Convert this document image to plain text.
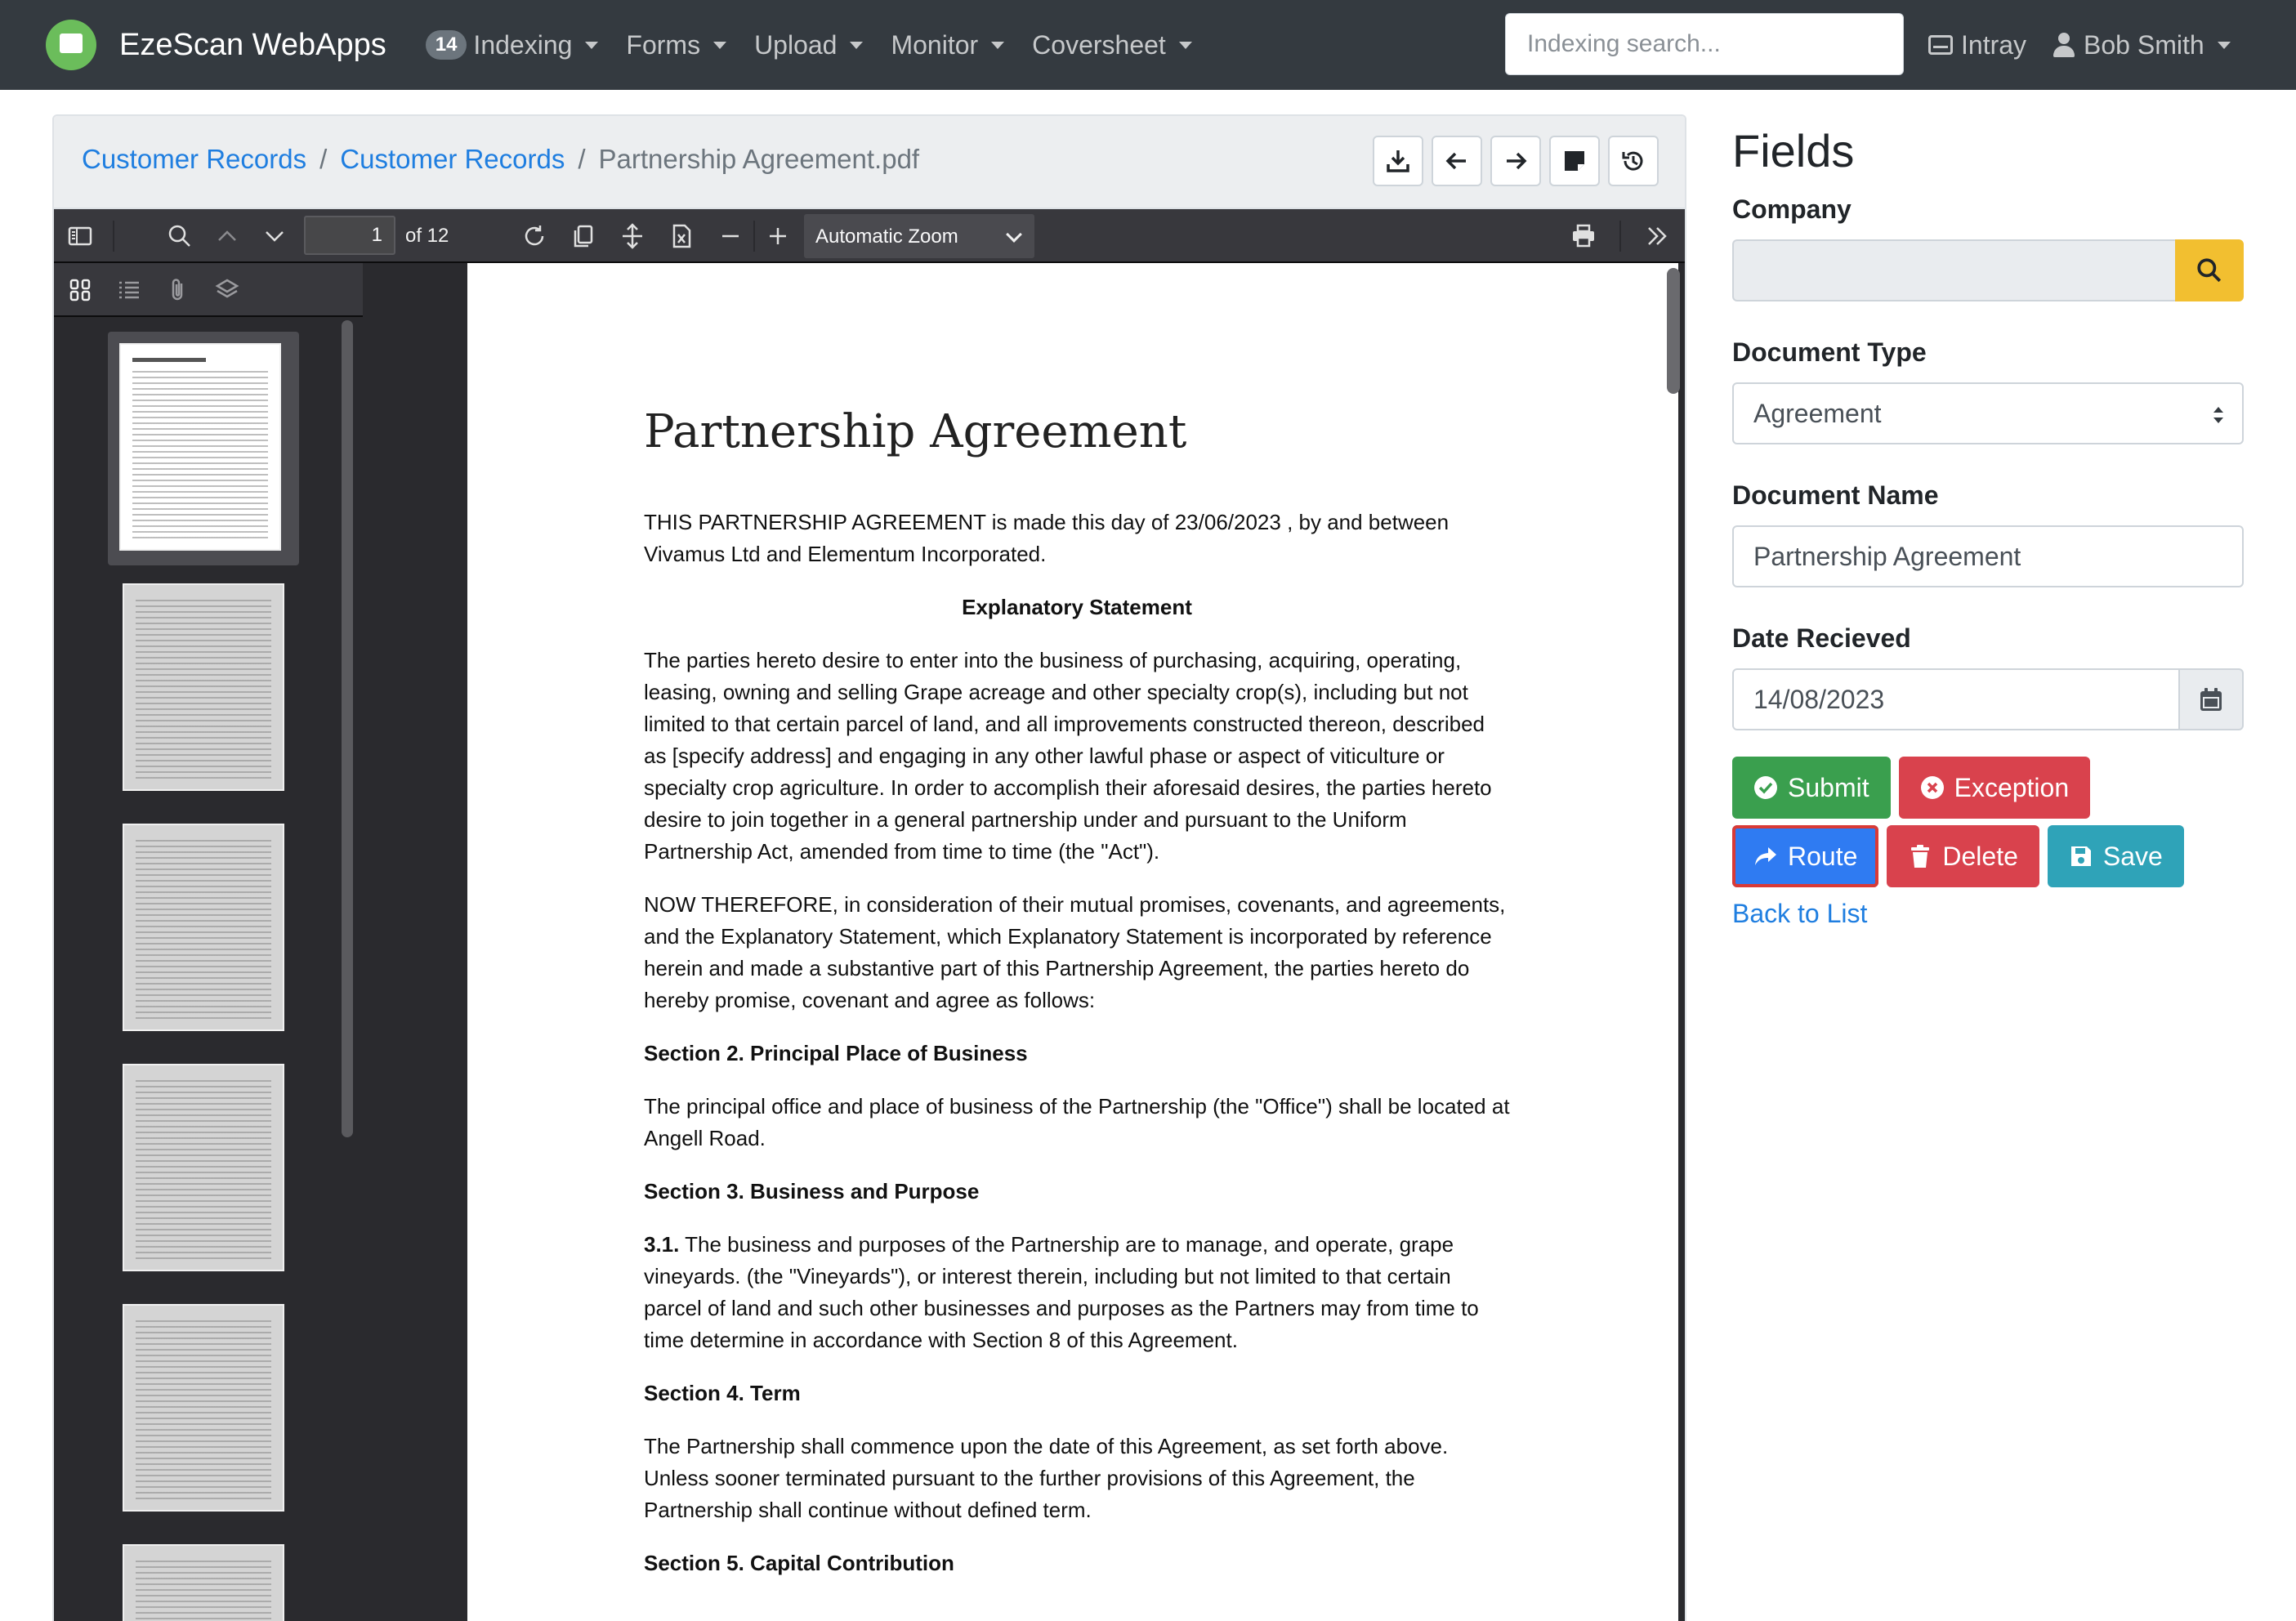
EzeScan WebApps	14 Indexing Forms Upload Monitor Coversheet
Indexing search...	Intray Bob Smith
Customer Records / Customer Records / Partnership Agreement.pdf
1
of 12	Automatic Zoom
Partnership Agreement

THIS PARTNERSHIP AGREEMENT is made this day of 23/06/2023 , by and between Vivamus Ltd and Elementum Incorporated.

Explanatory Statement

The parties hereto desire to enter into the business of purchasing, acquiring, operating, leasing, owning and selling Grape acreage and other specialty crop(s), including but not limited to that certain parcel of land, and all improvements constructed thereon, described as [specify address] and engaging in any other lawful phase or aspect of viticulture or specialty crop agriculture. In order to accomplish their aforesaid desires, the parties hereto desire to join together in a general partnership under and pursuant to the Uniform Partnership Act, amended from time to time (the "Act").

NOW THEREFORE, in consideration of their mutual promises, covenants, and agreements, and the Explanatory Statement, which Explanatory Statement is incorporated by reference herein and made a substantive part of this Partnership Agreement, the parties hereto do hereby promise, covenant and agree as follows:

Section 2. Principal Place of Business

The principal office and place of business of the Partnership (the "Office") shall be located at Angell Road.

Section 3. Business and Purpose

3.1. The business and purposes of the Partnership are to manage, and operate, grape vineyards. (the "Vineyards"), or interest therein, including but not limited to that certain parcel of land and such other businesses and purposes as the Partners may from time to time determine in accordance with Section 8 of this Agreement.

Section 4. Term

The Partnership shall commence upon the date of this Agreement, as set forth above. Unless sooner terminated pursuant to the further provisions of this Agreement, the Partnership shall continue without defined term.

Section 5. Capital Contribution

Fields
Company
Document Type
Agreement
Document Name
Partnership Agreement
Date Recieved
14/08/2023
Submit	Exception
Route	Delete	Save
Back to List
